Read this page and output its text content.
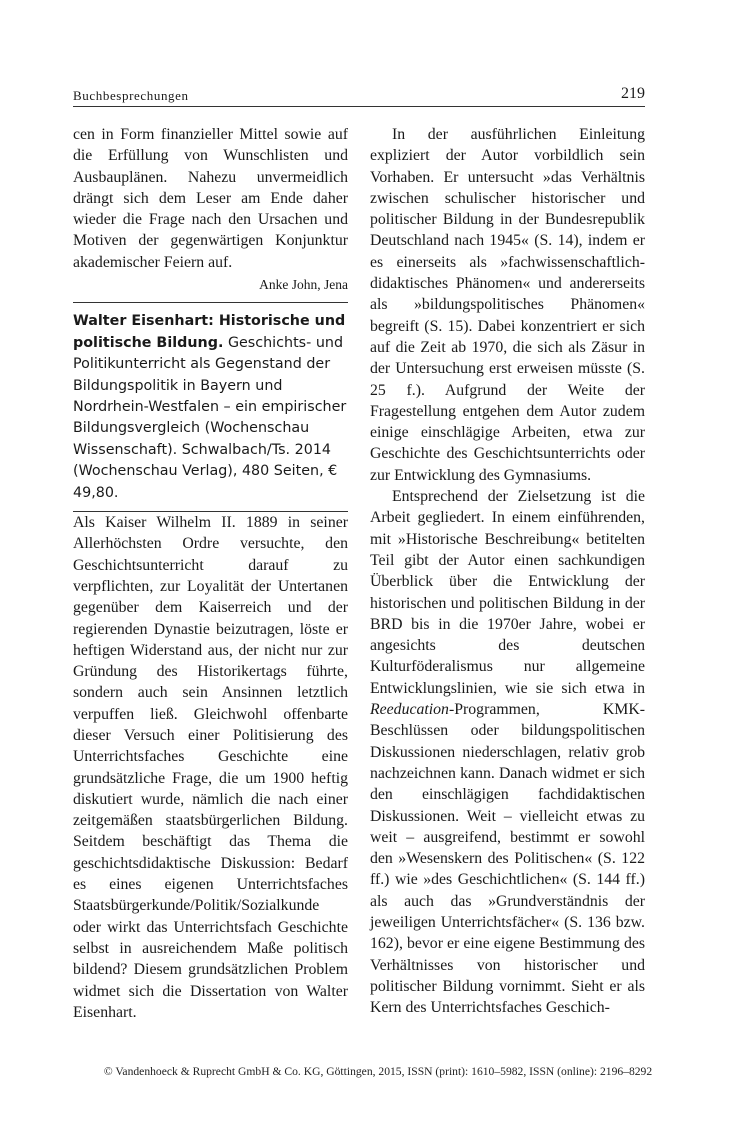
Buchbesprechungen	219

cen in Form finanzieller Mittel sowie auf die Erfüllung von Wunschlisten und Ausbauplänen. Nahezu unvermeidlich drängt sich dem Leser am Ende daher wieder die Frage nach den Ursachen und Motiven der gegenwärtigen Konjunktur akademischer Feiern auf.

Anke John, Jena
Walter Eisenhart: Historische und politische Bildung. Geschichts- und Politikunterricht als Gegenstand der Bildungspolitik in Bayern und Nordrhein-Westfalen – ein empirischer Bildungsvergleich (Wochenschau Wissenschaft). Schwalbach/Ts. 2014 (Wochenschau Verlag), 480 Seiten, € 49,80.

Als Kaiser Wilhelm II. 1889 in seiner Allerhöchsten Ordre versuchte, den Geschichtsunterricht darauf zu verpflichten, zur Loyalität der Untertanen gegenüber dem Kaiserreich und der regierenden Dynastie beizutragen, löste er heftigen Widerstand aus, der nicht nur zur Gründung des Historikertags führte, sondern auch sein Ansinnen letztlich verpuffen ließ. Gleichwohl offenbarte dieser Versuch einer Politisierung des Unterrichtsfaches Geschichte eine grundsätzliche Frage, die um 1900 heftig diskutiert wurde, nämlich die nach einer zeitgemäßen staatsbürgerlichen Bildung. Seitdem beschäftigt das Thema die geschichtsdidaktische Diskussion: Bedarf es eines eigenen Unterrichtsfaches Staatsbürgerkunde/Politik/Sozialkunde oder wirkt das Unterrichtsfach Geschichte selbst in ausreichendem Maße politisch bildend? Diesem grundsätzlichen Problem widmet sich die Dissertation von Walter Eisenhart.

In der ausführlichen Einleitung expliziert der Autor vorbildlich sein Vorhaben. Er untersucht »das Verhältnis zwischen schulischer historischer und politischer Bildung in der Bundesrepublik Deutschland nach 1945« (S. 14), indem er es einerseits als »fachwissenschaftlich-didaktisches Phänomen« und andererseits als »bildungspolitisches Phänomen« begreift (S. 15). Dabei konzentriert er sich auf die Zeit ab 1970, die sich als Zäsur in der Untersuchung erst erweisen müsste (S. 25 f.). Aufgrund der Weite der Fragestellung entgehen dem Autor zudem einige einschlägige Arbeiten, etwa zur Geschichte des Geschichtsunterrichts oder zur Entwicklung des Gymnasiums.

Entsprechend der Zielsetzung ist die Arbeit gegliedert. In einem einführenden, mit »Historische Beschreibung« betitelten Teil gibt der Autor einen sachkundigen Überblick über die Entwicklung der historischen und politischen Bildung in der BRD bis in die 1970er Jahre, wobei er angesichts des deutschen Kulturföderalismus nur allgemeine Entwicklungslinien, wie sie sich etwa in Reeducation-Programmen, KMK-Beschlüssen oder bildungspolitischen Diskussionen niederschlagen, relativ grob nachzeichnen kann. Danach widmet er sich den einschlägigen fachdidaktischen Diskussionen. Weit – vielleicht etwas zu weit – ausgreifend, bestimmt er sowohl den »Wesenskern des Politischen« (S. 122 ff.) wie »des Geschichtlichen« (S. 144 ff.) als auch das »Grundverständnis der jeweiligen Unterrichtsfächer« (S. 136 bzw. 162), bevor er eine eigene Bestimmung des Verhältnisses von historischer und politischer Bildung vornimmt. Sieht er als Kern des Unterrichtsfaches Geschich-

© Vandenhoeck & Ruprecht GmbH & Co. KG, Göttingen, 2015, ISSN (print): 1610–5982, ISSN (online): 2196–8292
